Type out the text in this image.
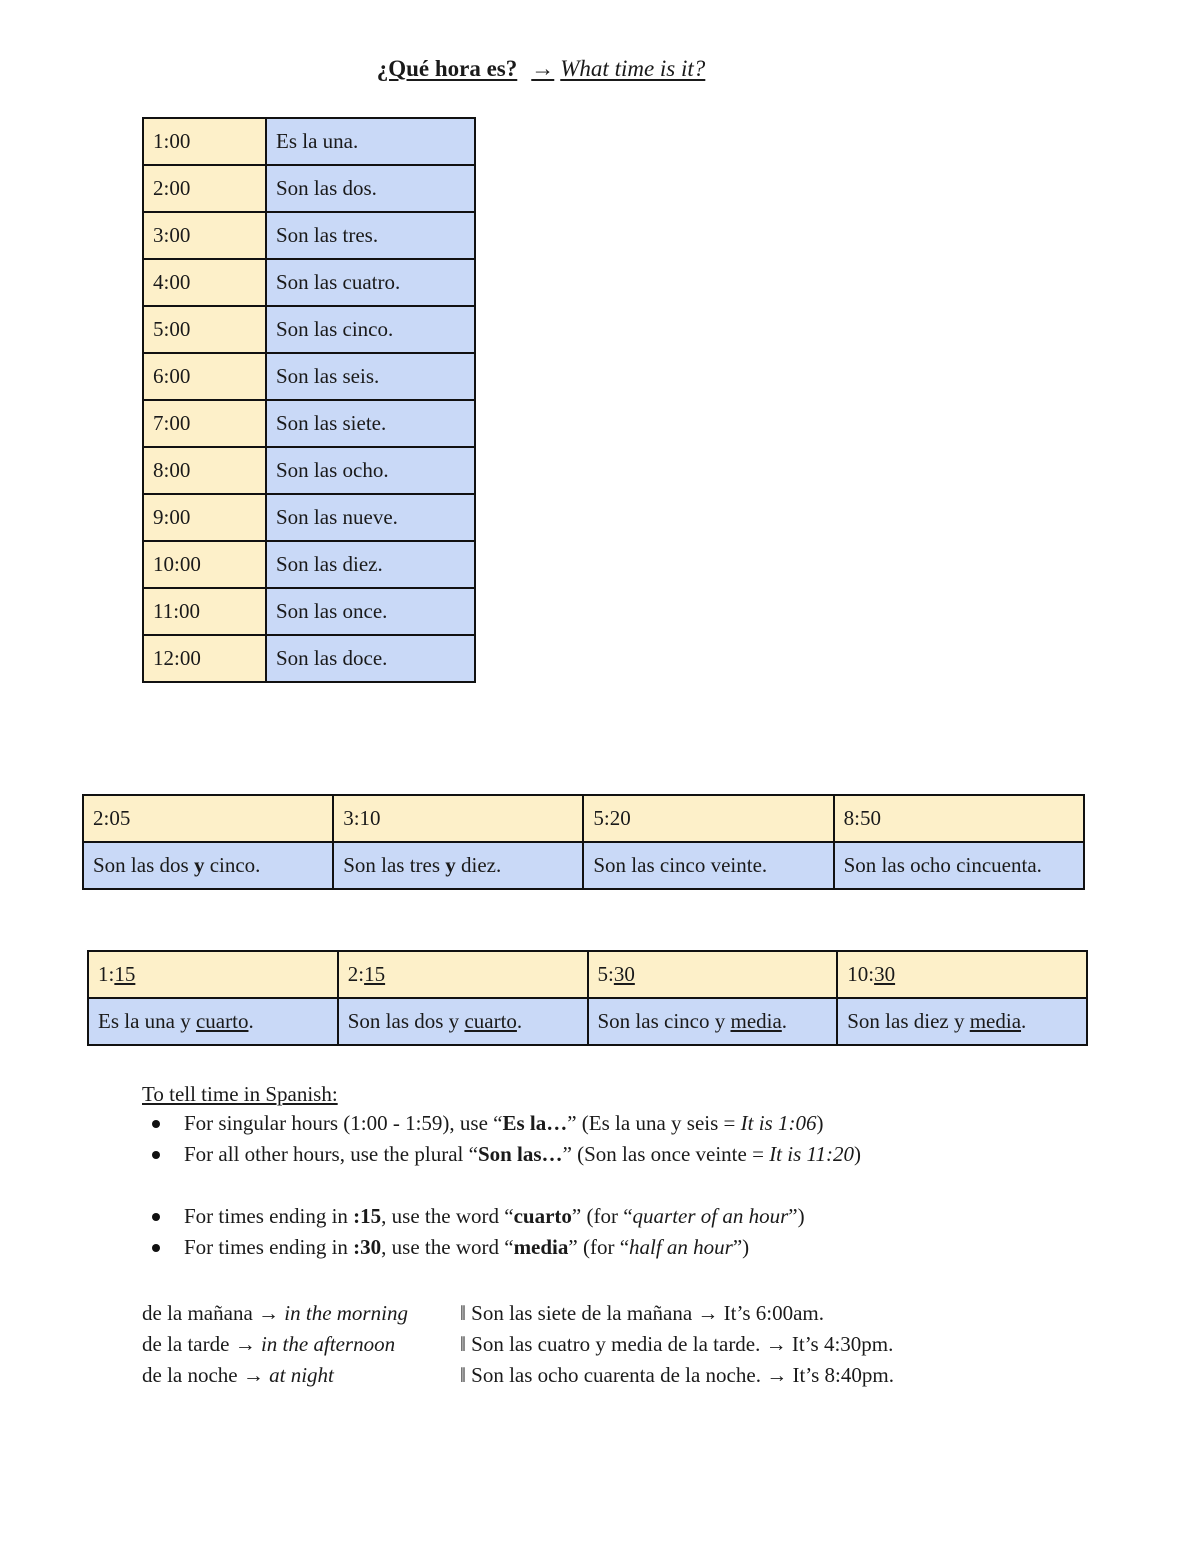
¿Qué hora es? → What time is it?
1:00	Es la una.
2:00	Son las dos.
3:00	Son las tres.
4:00	Son las cuatro.
5:00	Son las cinco.
6:00	Son las seis.
7:00	Son las siete.
8:00	Son las ocho.
9:00	Son las nueve.
10:00	Son las diez.
11:00	Son las once.
12:00	Son las doce.
2:05	3:10	5:20	8:50
Son las dos y cinco.	Son las tres y diez.	Son las cinco veinte.	Son las ocho cincuenta.
1:15	2:15	5:30	10:30
Es la una y cuarto.	Son las dos y cuarto.	Son las cinco y media.	Son las diez y media.
To tell time in Spanish:
For singular hours (1:00 - 1:59), use “Es la…” (Es la una y seis = It is 1:06)
For all other hours, use the plural “Son las…” (Son las once veinte = It is 11:20)
For times ending in :15, use the word “cuarto” (for “quarter of an hour”)
For times ending in :30, use the word “media” (for “half an hour”)
de la mañana → in the morning ‖ Son las siete de la mañana → It’s 6:00am.
de la tarde → in the afternoon	‖ Son las cuatro y media de la tarde. → It’s 4:30pm.
de la noche → at night	‖ Son las ocho cuarenta de la noche. → It’s 8:40pm.
